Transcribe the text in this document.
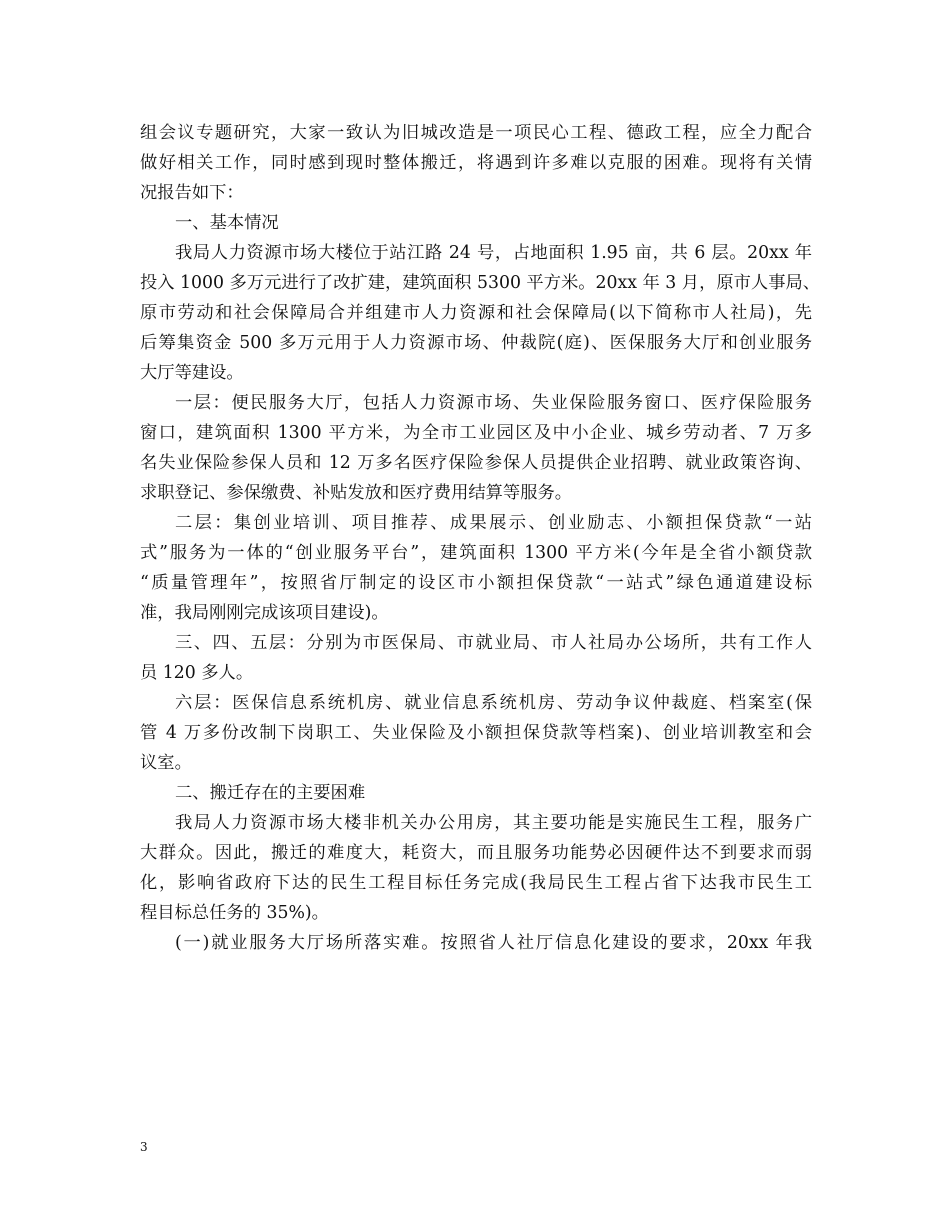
组会议专题研究，大家一致认为旧城改造是一项民心工程、德政工程，应全力配合

做好相关工作，同时感到现时整体搬迁，将遇到许多难以克服的困难。现将有关情

况报告如下：

一、基本情况

我局人力资源市场大楼位于站江路 24 号，占地面积 1.95 亩，共 6 层。20xx 年

投入 1000 多万元进行了改扩建，建筑面积 5300 平方米。20xx 年 3 月，原市人事局、

原市劳动和社会保障局合并组建市人力资源和社会保障局(以下简称市人社局)，先

后筹集资金 500 多万元用于人力资源市场、仲裁院(庭)、医保服务大厅和创业服务

大厅等建设。

一层：便民服务大厅，包括人力资源市场、失业保险服务窗口、医疗保险服务

窗口，建筑面积 1300 平方米，为全市工业园区及中小企业、城乡劳动者、7 万多

名失业保险参保人员和 12 万多名医疗保险参保人员提供企业招聘、就业政策咨询、

求职登记、参保缴费、补贴发放和医疗费用结算等服务。

二层：集创业培训、项目推荐、成果展示、创业励志、小额担保贷款“一站

式”服务为一体的“创业服务平台”，建筑面积 1300 平方米(今年是全省小额贷款

“质量管理年”，按照省厅制定的设区市小额担保贷款“一站式”绿色通道建设标

准，我局刚刚完成该项目建设)。

三、四、五层：分别为市医保局、市就业局、市人社局办公场所，共有工作人

员 120 多人。

六层：医保信息系统机房、就业信息系统机房、劳动争议仲裁庭、档案室(保

管 4 万多份改制下岗职工、失业保险及小额担保贷款等档案)、创业培训教室和会

议室。

二、搬迁存在的主要困难

我局人力资源市场大楼非机关办公用房，其主要功能是实施民生工程，服务广

大群众。因此，搬迁的难度大，耗资大，而且服务功能势必因硬件达不到要求而弱

化，影响省政府下达的民生工程目标任务完成(我局民生工程占省下达我市民生工

程目标总任务的 35%)。

(一)就业服务大厅场所落实难。按照省人社厅信息化建设的要求，20xx 年我

3
